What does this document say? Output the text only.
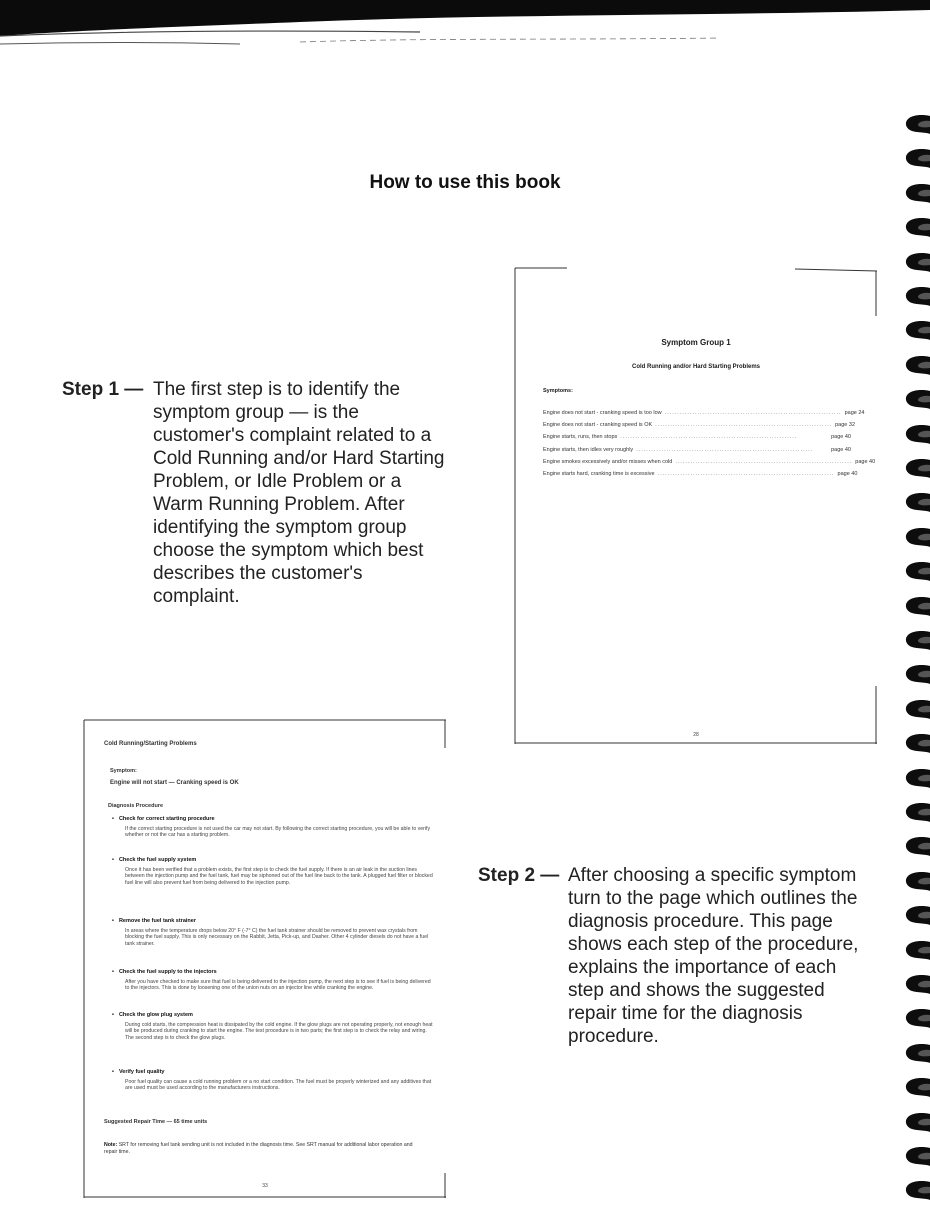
How to use this book
Symptom Group 1
Cold Running and/or Hard Starting Problems
Symptoms:
Engine does not start - cranking speed is too low ...................................................................... page 24
Engine does not start - cranking speed is OK ...................................................................... page 32
Engine starts, runs, then stops ......................................................................	page 40
Engine starts, then idles very roughly ......................................................................	page 40
Engine smokes excessively and/or misses when cold ...................................................................... page 40
Engine starts hard, cranking time is excessive ...................................................................... page 40
28
Step 1 — The first step is to identify the symptom group — is the customer's complaint related to a Cold Running and/or Hard Starting Problem, or Idle Problem or a Warm Running Problem. After identifying the symptom group choose the symptom which best describes the customer's complaint.
Cold Running/Starting Problems
Symptom:
Engine will not start — Cranking speed is OK
Diagnosis Procedure
• Check for correct starting procedure
If the correct starting procedure is not used the car may not start. By following the correct starting procedure, you will be able to verify whether or not the car has a starting problem.
• Check the fuel supply system
Once it has been verified that a problem exists, the first step is to check the fuel supply. If there is an air leak in the suction lines between the injection pump and the fuel tank, fuel may be siphoned out of the fuel line back to the tank. A plugged fuel filter or blocked fuel line will also prevent fuel from being delivered to the injection pump.
• Remove the fuel tank strainer
In areas where the temperature drops below 20° F (-7° C) the fuel tank strainer should be removed to prevent wax crystals from blocking the fuel supply. This is only necessary on the Rabbit, Jetta, Pick-up, and Dasher. Other 4 cylinder diesels do not have a fuel tank strainer.
• Check the fuel supply to the injectors
After you have checked to make sure that fuel is being delivered to the injection pump, the next step is to see if fuel is being delivered to the injectors. This is done by loosening one of the union nuts on an injector line while cranking the engine.
• Check the glow plug system
During cold starts, the compression heat is dissipated by the cold engine. If the glow plugs are not operating properly, not enough heat will be produced during cranking to start the engine. The test procedure is in two parts; the first step is to check the relay and wiring. The second step is to check the glow plugs.
• Verify fuel quality
Poor fuel quality can cause a cold running problem or a no start condition. The fuel must be properly winterized and any additives that are used must be used according to the manufacturers instructions.
Suggested Repair Time — 65 time units
Note: SRT for removing fuel tank sending unit is not included in the diagnosis time. See SRT manual for additional labor operation and repair time.
33
Step 2 — After choosing a specific symptom turn to the page which outlines the diagnosis procedure. This page shows each step of the procedure, explains the importance of each step and shows the suggested repair time for the diagnosis procedure.
